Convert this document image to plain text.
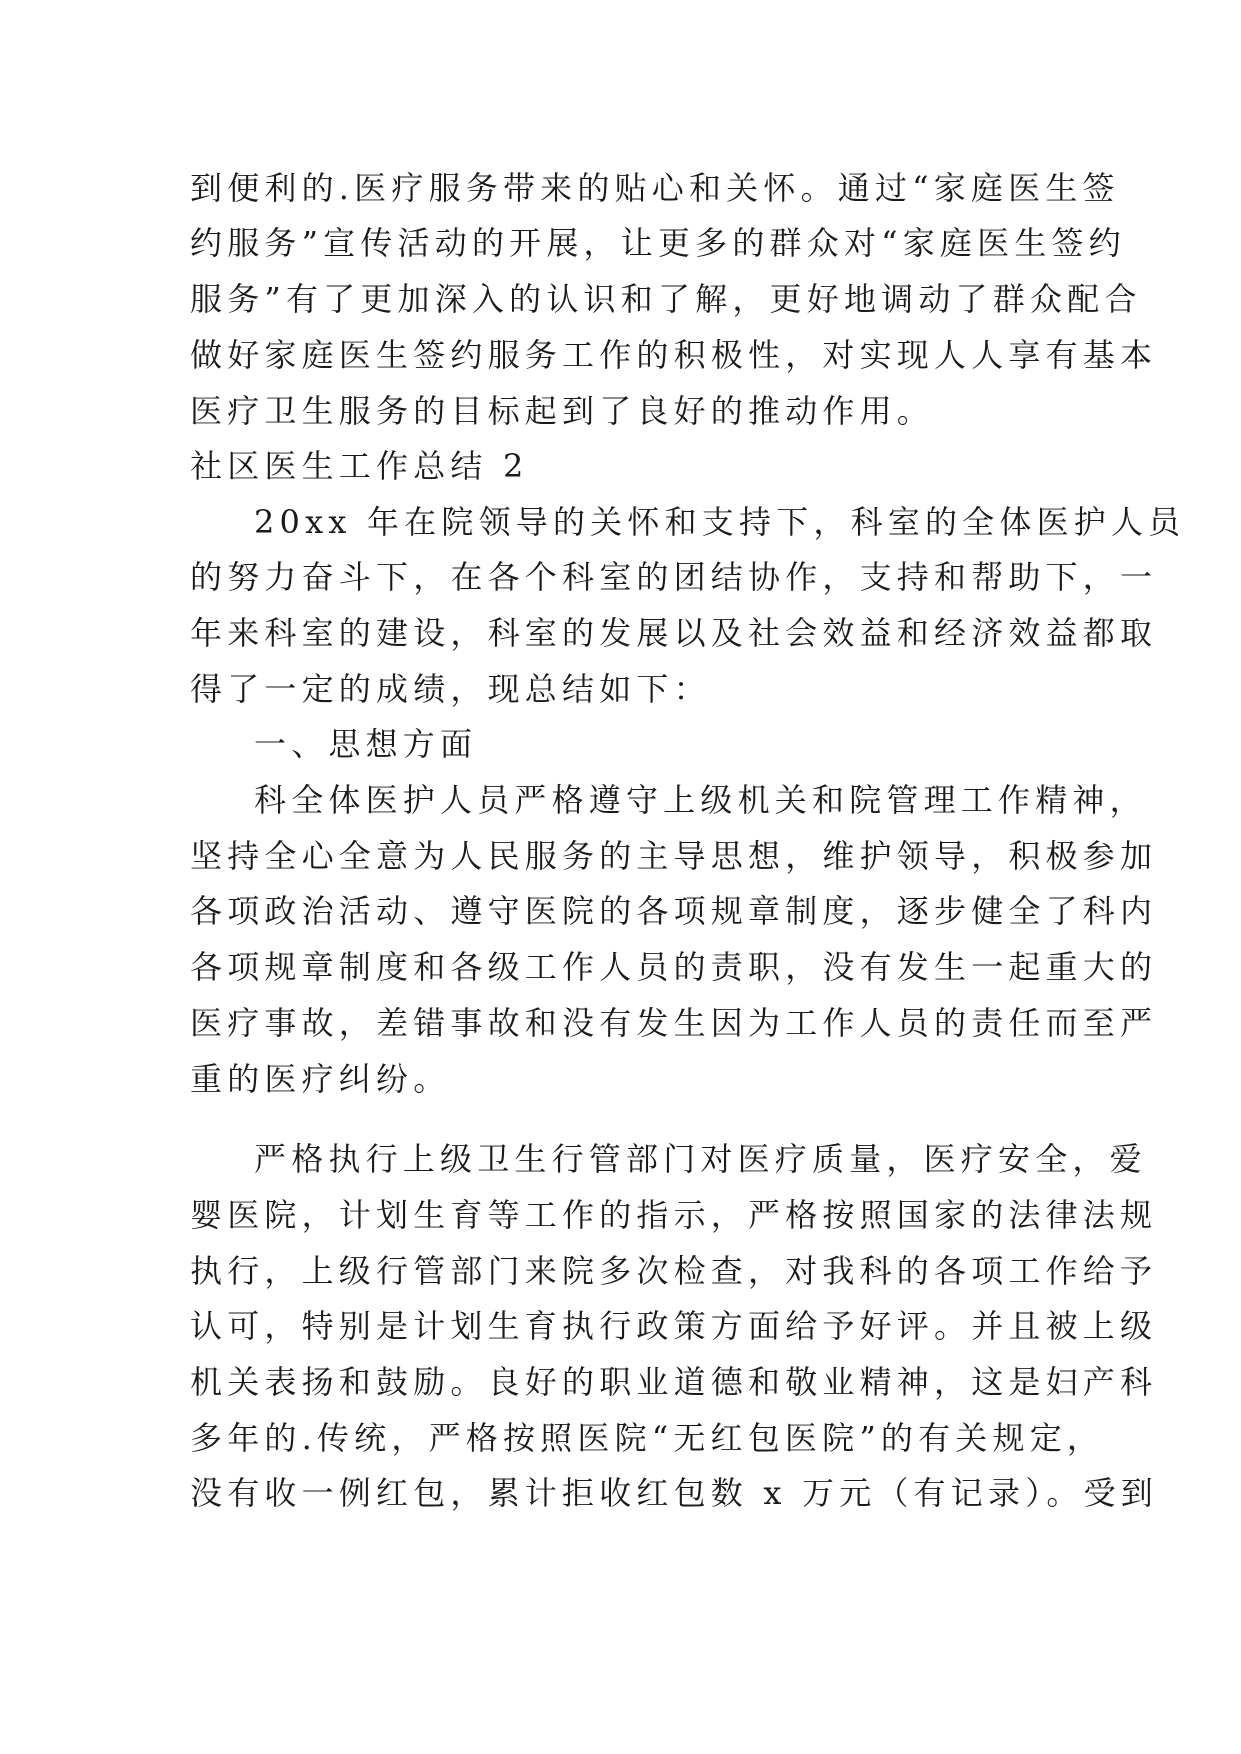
到便利的.医疗服务带来的贴心和关怀。通过“家庭医生签
约服务”宣传活动的开展，让更多的群众对“家庭医生签约
服务”有了更加深入的认识和了解，更好地调动了群众配合
做好家庭医生签约服务工作的积极性，对实现人人享有基本
医疗卫生服务的目标起到了良好的推动作用。
社区医生工作总结 2
20xx 年在院领导的关怀和支持下，科室的全体医护人员
的努力奋斗下，在各个科室的团结协作，支持和帮助下，一
年来科室的建设，科室的发展以及社会效益和经济效益都取
得了一定的成绩，现总结如下：
一、思想方面
科全体医护人员严格遵守上级机关和院管理工作精神，
坚持全心全意为人民服务的主导思想，维护领导，积极参加
各项政治活动、遵守医院的各项规章制度，逐步健全了科内
各项规章制度和各级工作人员的责职，没有发生一起重大的
医疗事故，差错事故和没有发生因为工作人员的责任而至严
重的医疗纠纷。
严格执行上级卫生行管部门对医疗质量，医疗安全，爱
婴医院，计划生育等工作的指示，严格按照国家的法律法规
执行，上级行管部门来院多次检查，对我科的各项工作给予
认可，特别是计划生育执行政策方面给予好评。并且被上级
机关表扬和鼓励。良好的职业道德和敬业精神，这是妇产科
多年的.传统，严格按照医院“无红包医院”的有关规定，
没有收一例红包，累计拒收红包数 x 万元（有记录）。受到
